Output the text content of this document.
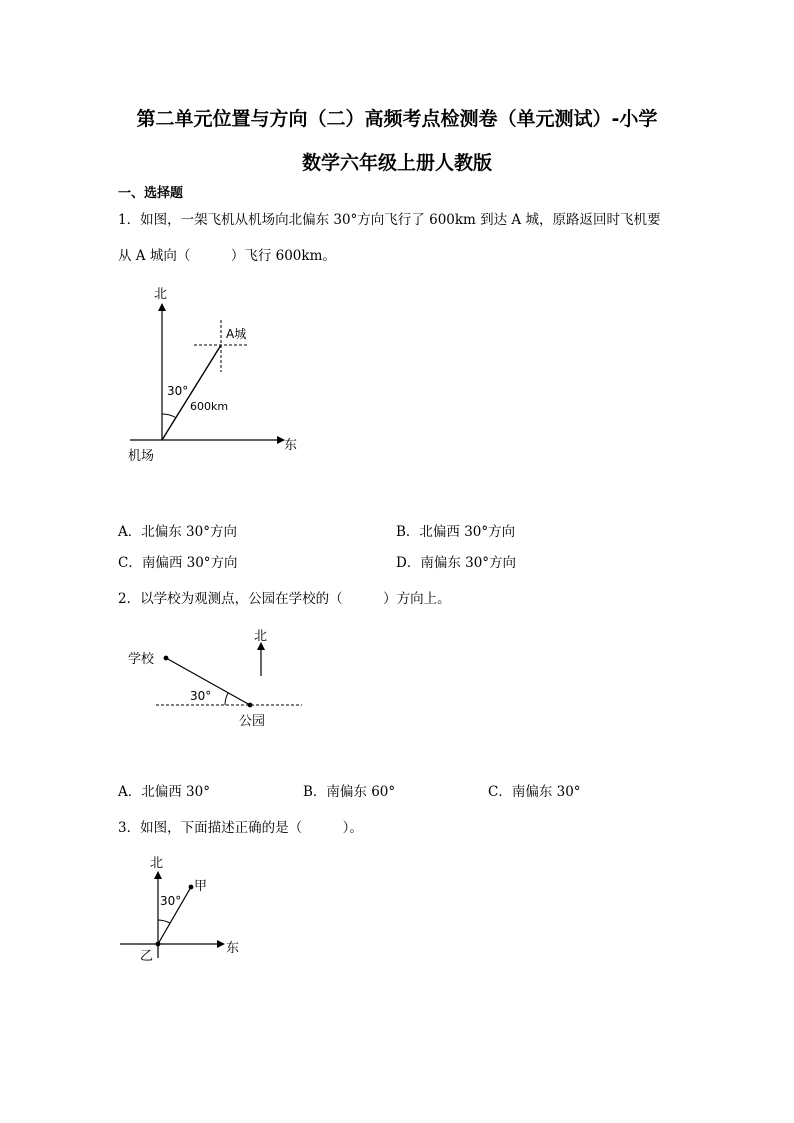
第二单元位置与方向（二）高频考点检测卷（单元测试）-小学
数学六年级上册人教版
一、选择题
1．如图，一架飞机从机场向北偏东 30°方向飞行了 600km 到达 A 城，原路返回时飞机要
从 A 城向（　　　）飞行 600km。
北
东
机场
A城
30°
600km
A．北偏东 30°方向	B．北偏西 30°方向
C．南偏西 30°方向	D．南偏东 30°方向
2．以学校为观测点，公园在学校的（　　　）方向上。
北
学校
公园
30°
A．北偏西 30°	B．南偏东 60°	C．南偏东 30°
3．如图，下面描述正确的是（　　　）。
北
东
甲
乙
30°
